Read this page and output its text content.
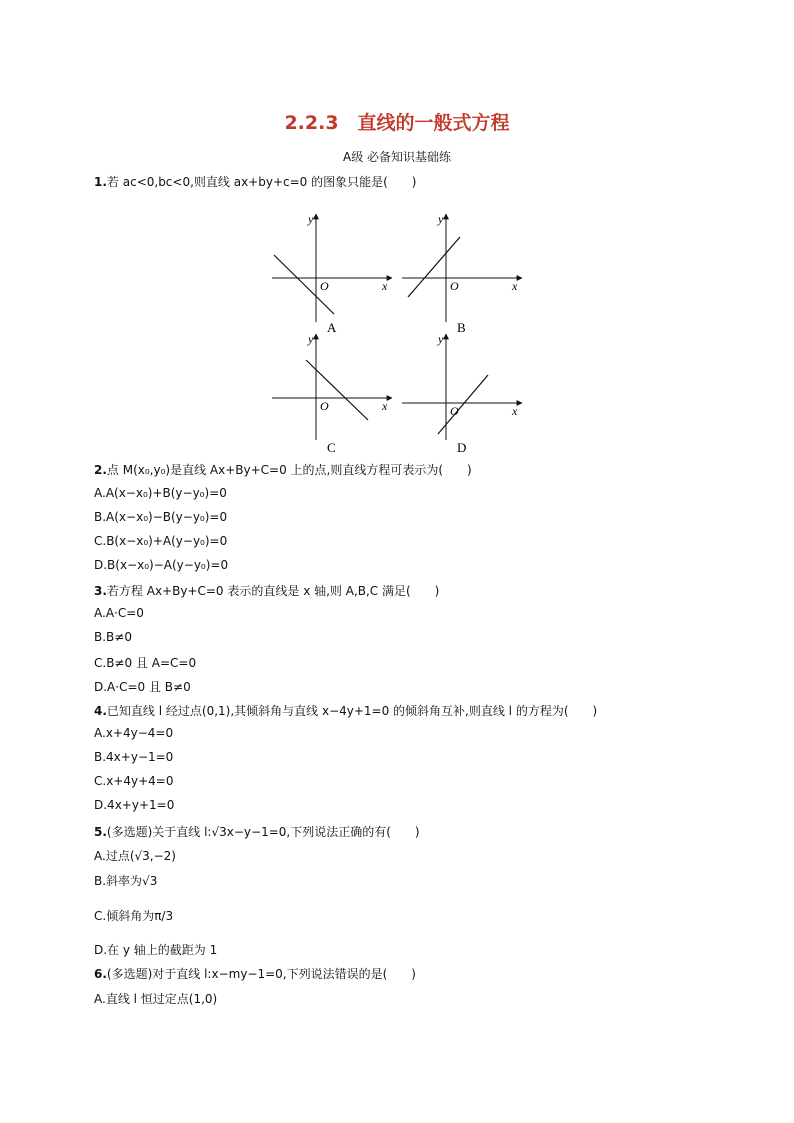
2.2.3　直线的一般式方程
A级 必备知识基础练
1.若 ac<0,bc<0,则直线 ax+by+c=0 的图象只能是(　　)
y
x
O
A
y
x
O
B
y
x
O
C
y
x
O
D
2.点 M(x₀,y₀)是直线 Ax+By+C=0 上的点,则直线方程可表示为(　　)
A.A(x−x₀)+B(y−y₀)=0
B.A(x−x₀)−B(y−y₀)=0
C.B(x−x₀)+A(y−y₀)=0
D.B(x−x₀)−A(y−y₀)=0
3.若方程 Ax+By+C=0 表示的直线是 x 轴,则 A,B,C 满足(　　)
A.A·C=0
B.B≠0
C.B≠0 且 A=C=0
D.A·C=0 且 B≠0
4.已知直线 l 经过点(0,1),其倾斜角与直线 x−4y+1=0 的倾斜角互补,则直线 l 的方程为(　　)
A.x+4y−4=0
B.4x+y−1=0
C.x+4y+4=0
D.4x+y+1=0
5.(多选题)关于直线 l:√3x−y−1=0,下列说法正确的有(　　)
A.过点(√3,−2)
B.斜率为√3
C.倾斜角为π/3
D.在 y 轴上的截距为 1
6.(多选题)对于直线 l:x−my−1=0,下列说法错误的是(　　)
A.直线 l 恒过定点(1,0)
